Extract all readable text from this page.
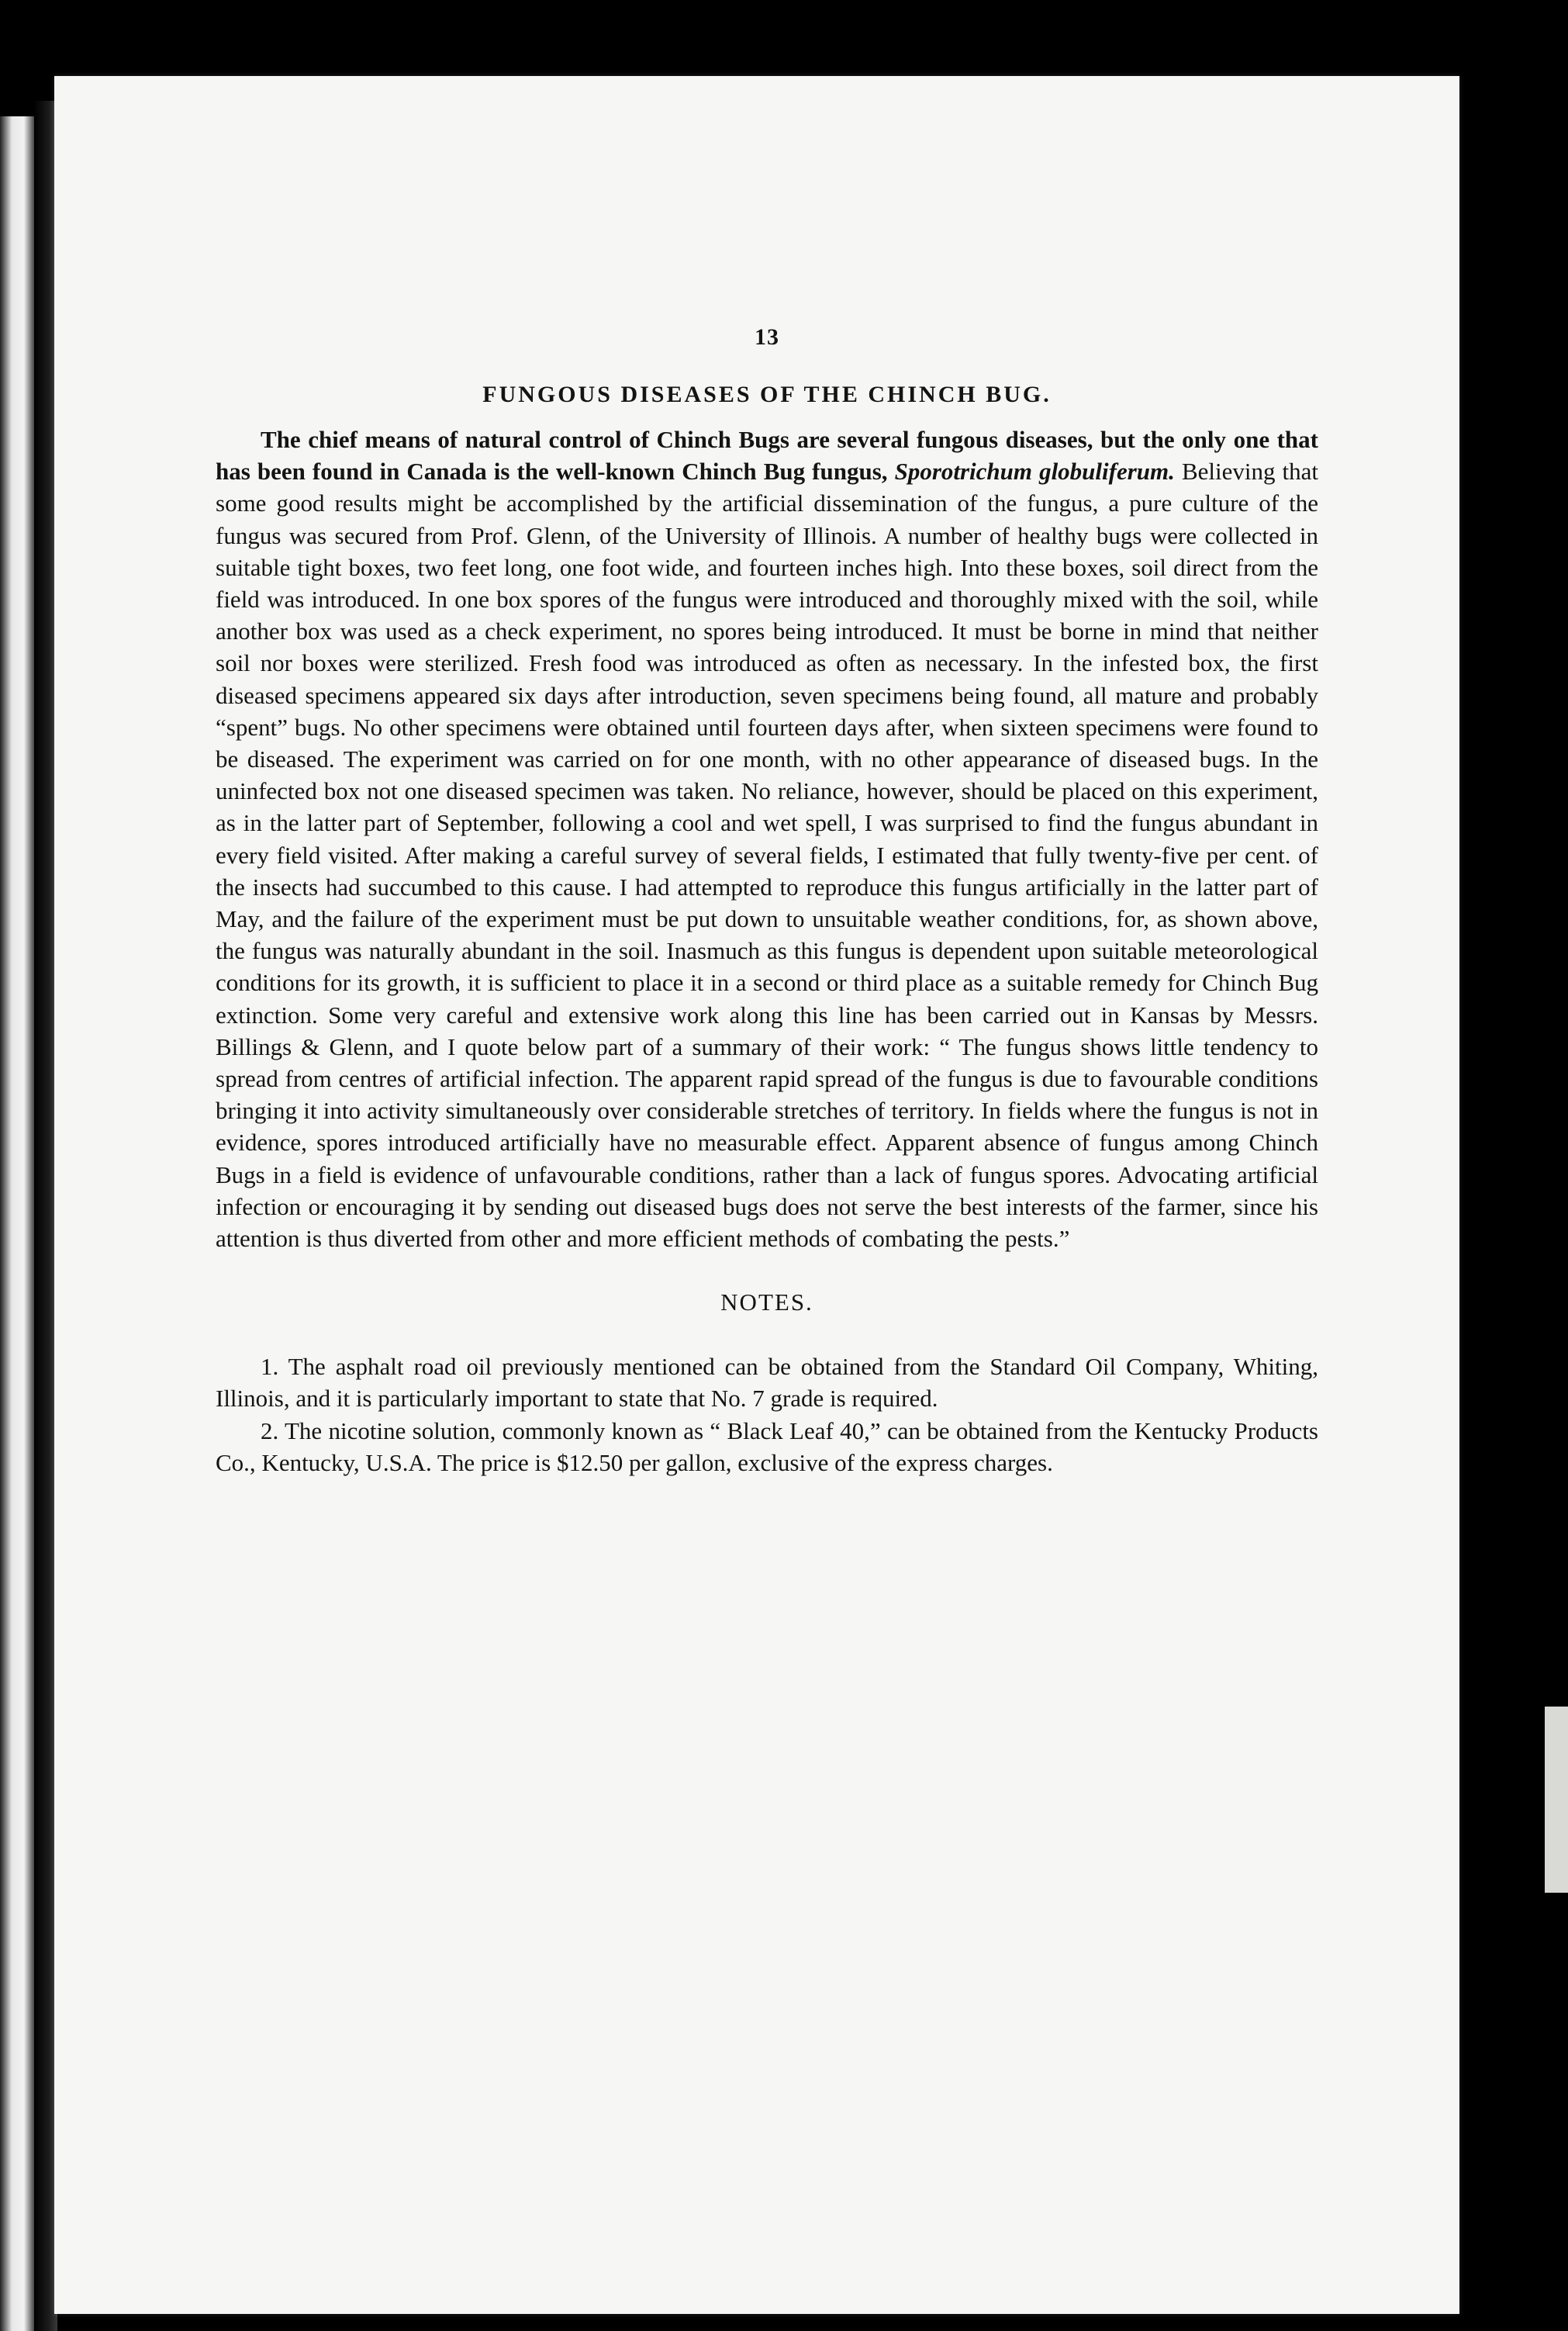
13
FUNGOUS DISEASES OF THE CHINCH BUG.

The chief means of natural control of Chinch Bugs are several fungous diseases, but the only one that has been found in Canada is the well-known Chinch Bug fungus, Sporotrichum globuliferum. Believing that some good results might be accomplished by the artificial dissemination of the fungus, a pure culture of the fungus was secured from Prof. Glenn, of the University of Illinois. A number of healthy bugs were collected in suitable tight boxes, two feet long, one foot wide, and fourteen inches high. Into these boxes, soil direct from the field was introduced. In one box spores of the fungus were introduced and thoroughly mixed with the soil, while another box was used as a check experiment, no spores being introduced. It must be borne in mind that neither soil nor boxes were sterilized. Fresh food was introduced as often as necessary. In the infested box, the first diseased specimens appeared six days after introduction, seven specimens being found, all mature and probably “spent” bugs. No other specimens were obtained until fourteen days after, when sixteen specimens were found to be diseased. The experiment was carried on for one month, with no other appearance of diseased bugs. In the uninfected box not one diseased specimen was taken. No reliance, however, should be placed on this experiment, as in the latter part of September, following a cool and wet spell, I was surprised to find the fungus abundant in every field visited. After making a careful survey of several fields, I estimated that fully twenty-five per cent. of the insects had succumbed to this cause. I had attempted to reproduce this fungus artificially in the latter part of May, and the failure of the experiment must be put down to unsuitable weather conditions, for, as shown above, the fungus was naturally abundant in the soil. Inasmuch as this fungus is dependent upon suitable meteorological conditions for its growth, it is sufficient to place it in a second or third place as a suitable remedy for Chinch Bug extinction. Some very careful and extensive work along this line has been carried out in Kansas by Messrs. Billings & Glenn, and I quote below part of a summary of their work: “ The fungus shows little tendency to spread from centres of artificial infection. The apparent rapid spread of the fungus is due to favourable conditions bringing it into activity simultaneously over considerable stretches of territory. In fields where the fungus is not in evidence, spores introduced artificially have no measurable effect. Apparent absence of fungus among Chinch Bugs in a field is evidence of unfavourable conditions, rather than a lack of fungus spores. Advocating artificial infection or encouraging it by sending out diseased bugs does not serve the best interests of the farmer, since his attention is thus diverted from other and more efficient methods of combating the pests.”

NOTES.

1. The asphalt road oil previously mentioned can be obtained from the Standard Oil Company, Whiting, Illinois, and it is particularly important to state that No. 7 grade is required.

2. The nicotine solution, commonly known as “ Black Leaf 40,” can be obtained from the Kentucky Products Co., Kentucky, U.S.A. The price is $12.50 per gallon, exclusive of the express charges.
